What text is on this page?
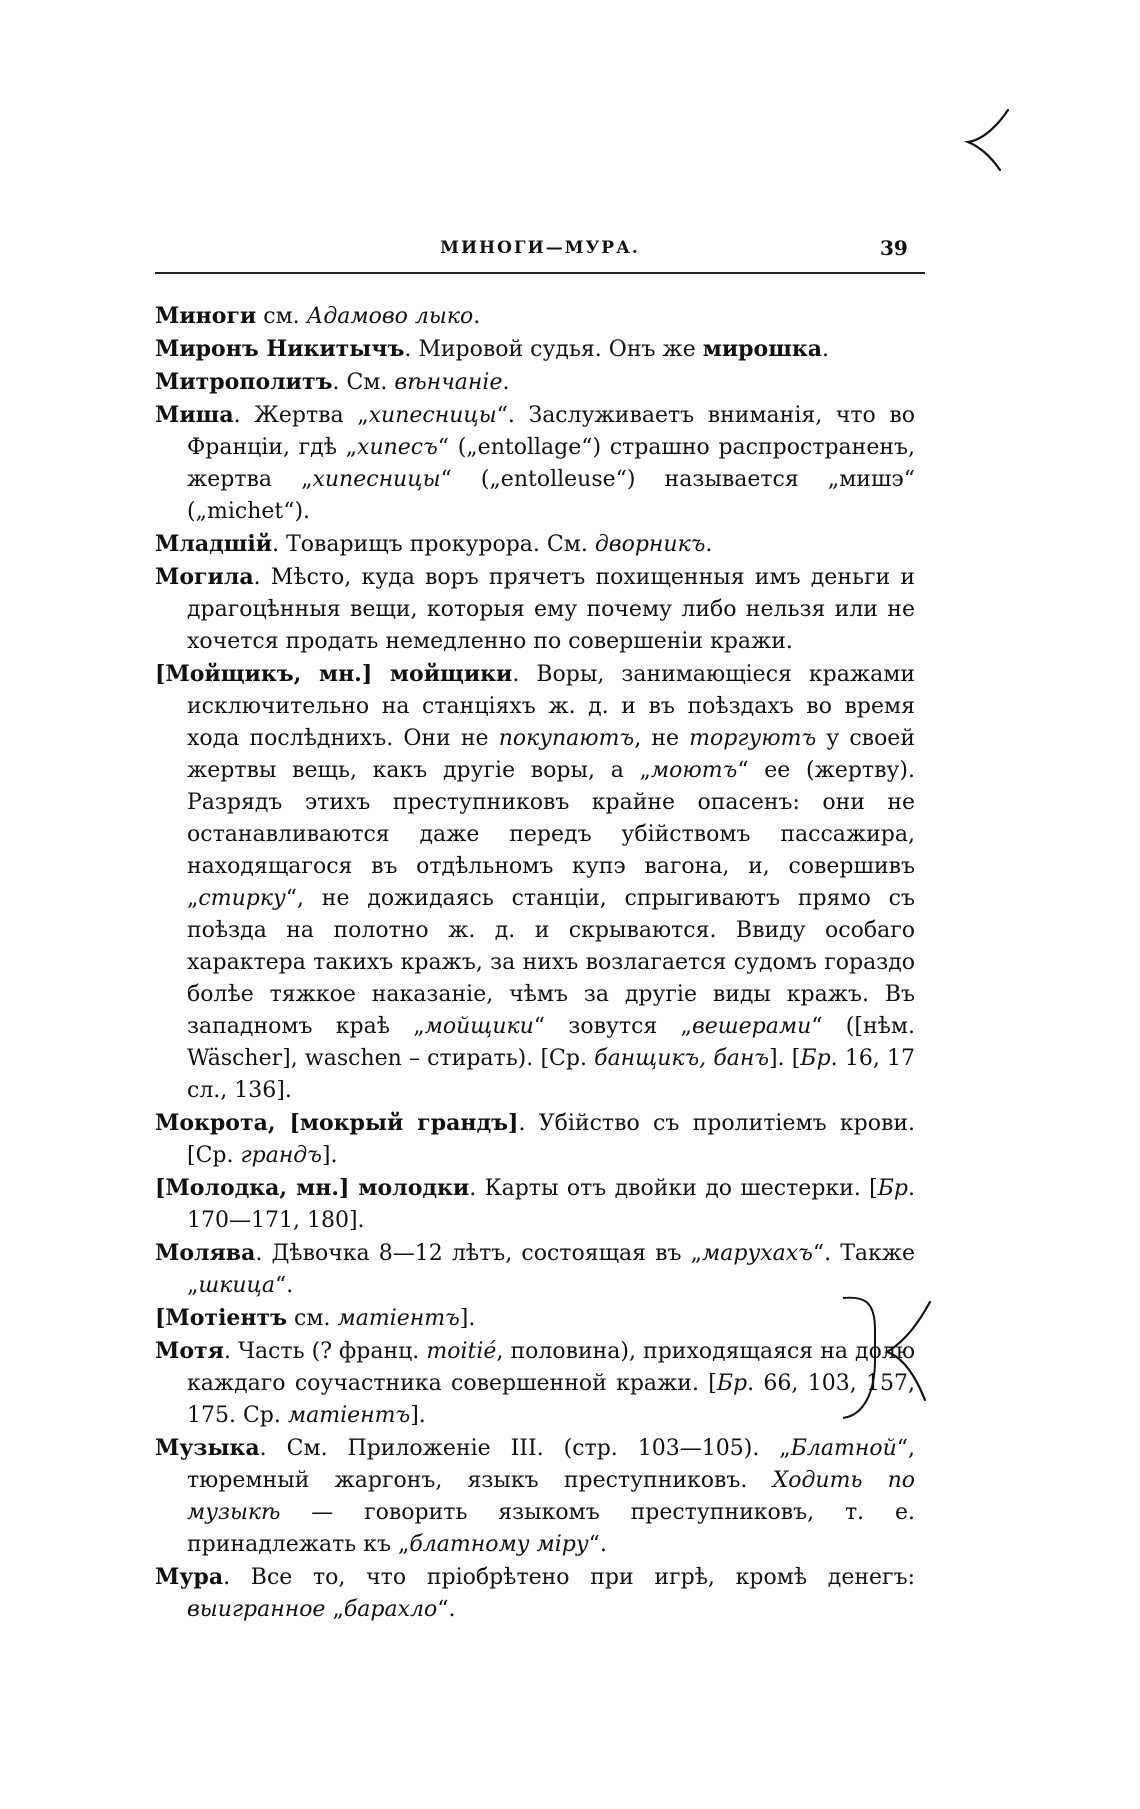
МИНОГИ—МУРА.	39

Миноги см. Адамово лыко.

Миронъ Никитычъ. Мировой судья. Онъ же мирошка.

Митрополитъ. См. вѣнчаніе.

Миша. Жертва „хипесницы“. Заслуживаетъ вниманія, что во Франціи, гдѣ „хипесъ“ („entollage“) страшно распространенъ, жертва „хипесницы“ („entolleuse“) называется „мишэ“ („michet“).

Младшій. Товарищъ прокурора. См. дворникъ.

Могила. Мѣсто, куда воръ прячетъ похищенныя имъ деньги и драгоцѣнныя вещи, которыя ему почему либо нельзя или не хочется продать немедленно по совершеніи кражи.

[Мойщикъ, мн.] мойщики. Воры, занимающіеся кражами исключительно на станціяхъ ж. д. и въ поѣздахъ во время хода послѣднихъ. Они не покупаютъ, не торгуютъ у своей жертвы вещь, какъ другіе воры, а „моютъ“ ее (жертву). Разрядъ этихъ преступниковъ крайне опасенъ: они не останавливаются даже передъ убійствомъ пассажира, находящагося въ отдѣльномъ купэ вагона, и, совершивъ „стирку“, не дожидаясь станціи, спрыгиваютъ прямо съ поѣзда на полотно ж. д. и скрываются. Ввиду особаго характера такихъ кражъ, за нихъ возлагается судомъ гораздо болѣе тяжкое наказаніе, чѣмъ за другіе виды кражъ. Въ западномъ краѣ „мойщики“ зовутся „вешерами“ ([нѣм. Wäscher], waschen – стирать). [Ср. банщикъ, банъ]. [Бр. 16, 17 сл., 136].

Мокрота, [мокрый грандъ]. Убійство съ пролитіемъ крови. [Ср. грандъ].

[Молодка, мн.] молодки. Карты отъ двойки до шестерки. [Бр. 170—171, 180].

Молява. Дѣвочка 8—12 лѣтъ, состоящая въ „марухахъ“. Также „шкица“.

[Мотіентъ см. матіентъ].

Мотя. Часть (? франц. moitié, половина), приходящаяся на долю каждаго соучастника совершенной кражи. [Бр. 66, 103, 157, 175. Ср. матіентъ].

Музыка. См. Приложеніе III. (стр. 103—105). „Блатной“, тюремный жаргонъ, языкъ преступниковъ. Ходить по музыкѣ — говорить языкомъ преступниковъ, т. е. принадлежать къ „блатному міру“.

Мура. Все то, что пріобрѣтено при игрѣ, кромѣ денегъ: выигранное „барахло“.
